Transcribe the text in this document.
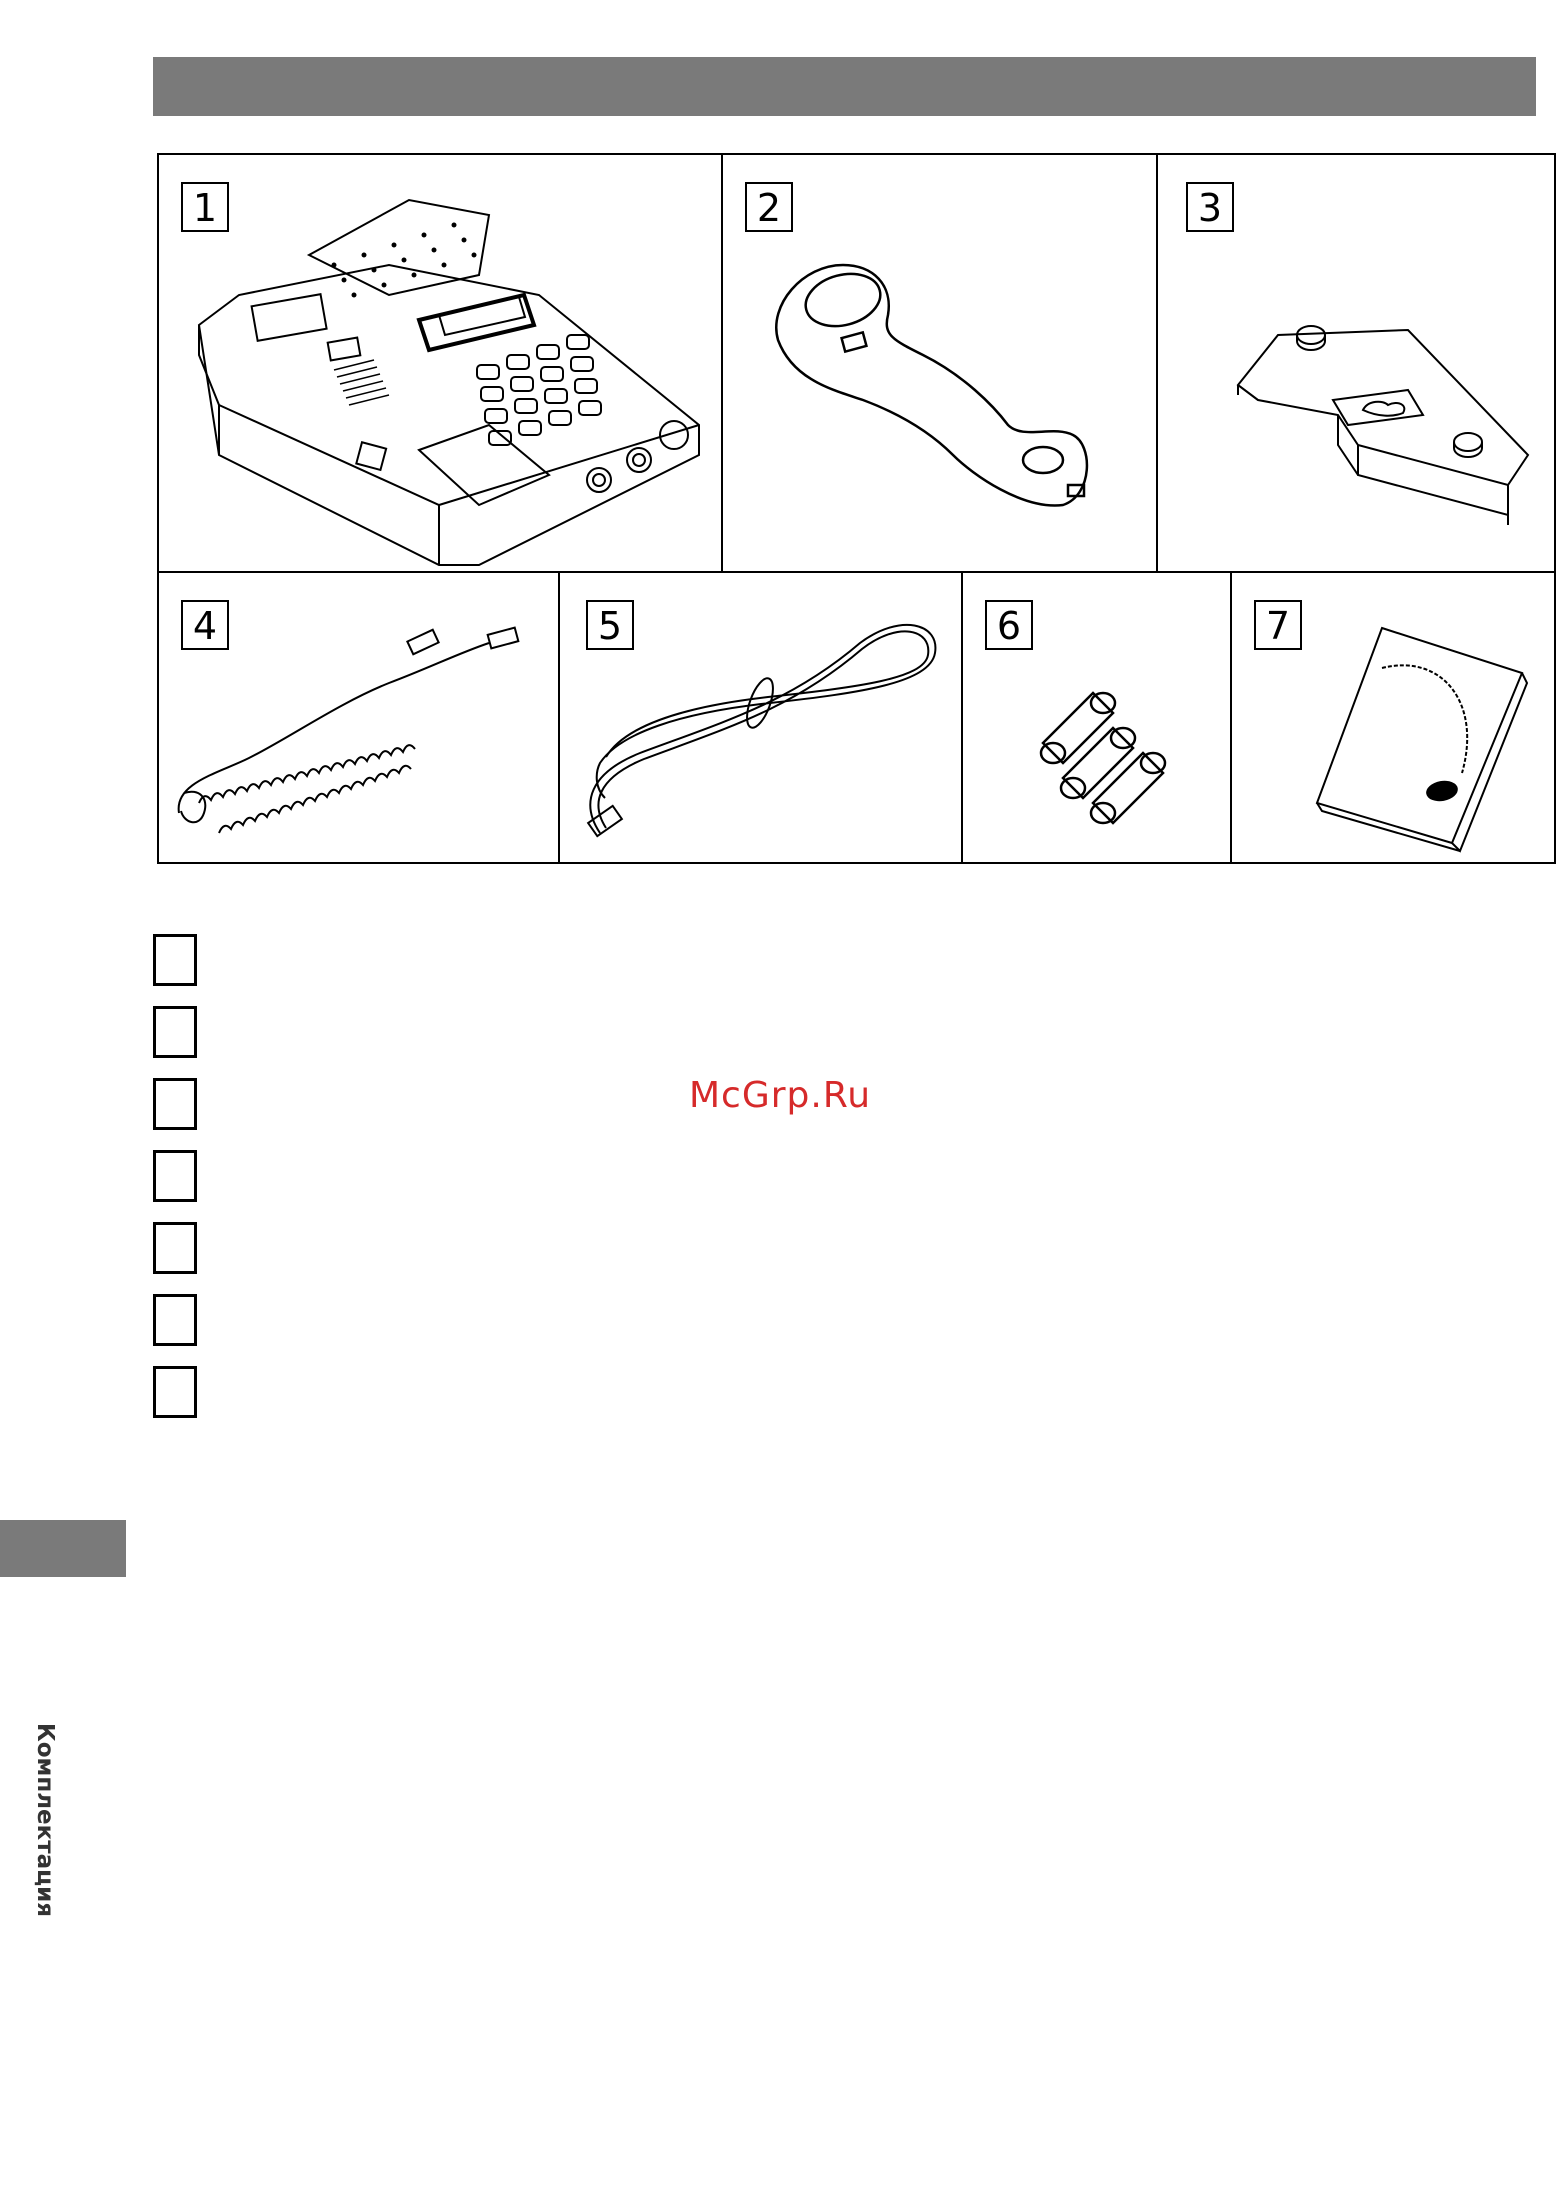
1	2	3
4	5	6	7
McGrp.Ru
Комплектация
